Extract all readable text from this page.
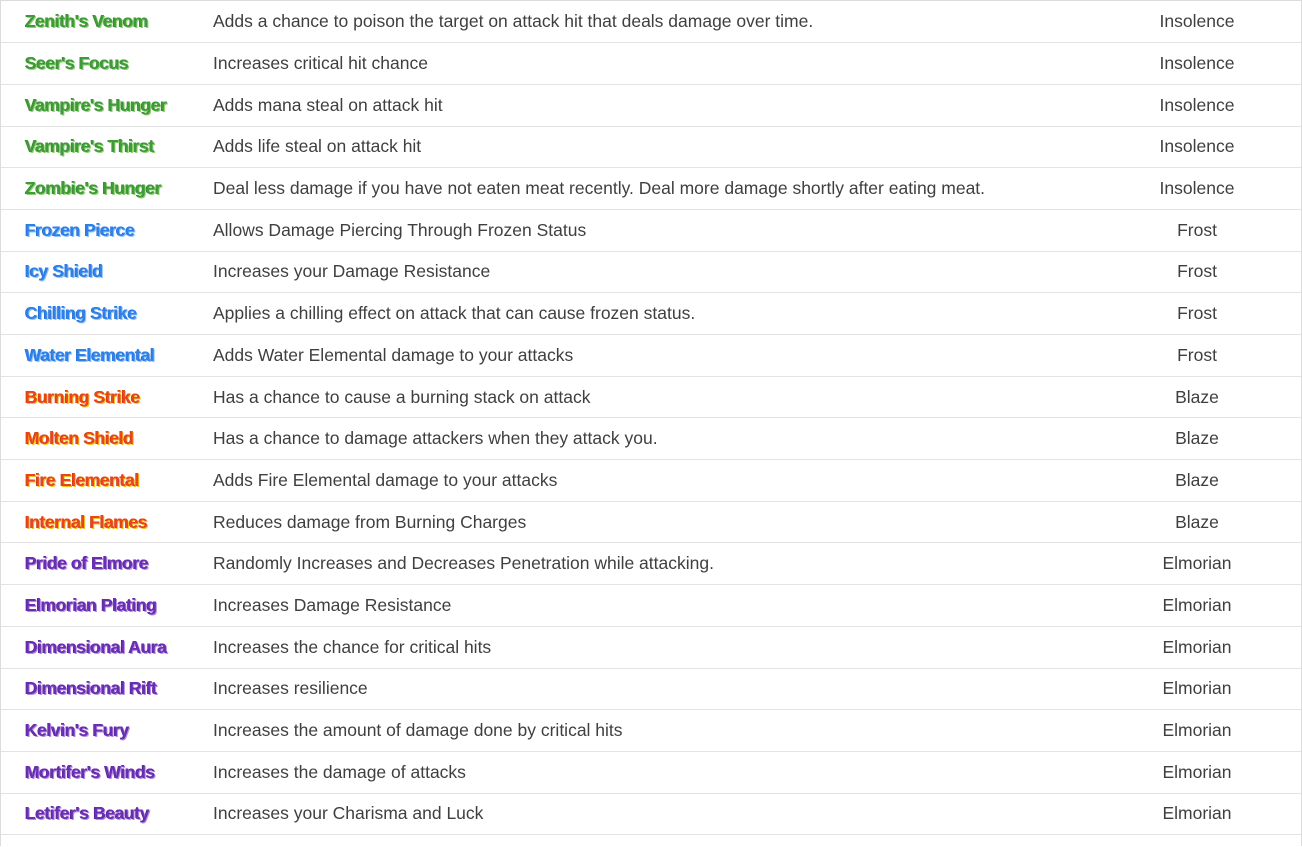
Zenith's Venom	Adds a chance to poison the target on attack hit that deals damage over time.	Insolence
Seer's Focus	Increases critical hit chance	Insolence
Vampire's Hunger	Adds mana steal on attack hit	Insolence
Vampire's Thirst	Adds life steal on attack hit	Insolence
Zombie's Hunger	Deal less damage if you have not eaten meat recently. Deal more damage shortly after eating meat.	Insolence
Frozen Pierce	Allows Damage Piercing Through Frozen Status	Frost
Icy Shield	Increases your Damage Resistance	Frost
Chilling Strike	Applies a chilling effect on attack that can cause frozen status.	Frost
Water Elemental	Adds Water Elemental damage to your attacks	Frost
Burning Strike	Has a chance to cause a burning stack on attack	Blaze
Molten Shield	Has a chance to damage attackers when they attack you.	Blaze
Fire Elemental	Adds Fire Elemental damage to your attacks	Blaze
Internal Flames	Reduces damage from Burning Charges	Blaze
Pride of Elmore	Randomly Increases and Decreases Penetration while attacking.	Elmorian
Elmorian Plating	Increases Damage Resistance	Elmorian
Dimensional Aura	Increases the chance for critical hits	Elmorian
Dimensional Rift	Increases resilience	Elmorian
Kelvin's Fury	Increases the amount of damage done by critical hits	Elmorian
Mortifer's Winds	Increases the damage of attacks	Elmorian
Letifer's Beauty	Increases your Charisma and Luck	Elmorian
